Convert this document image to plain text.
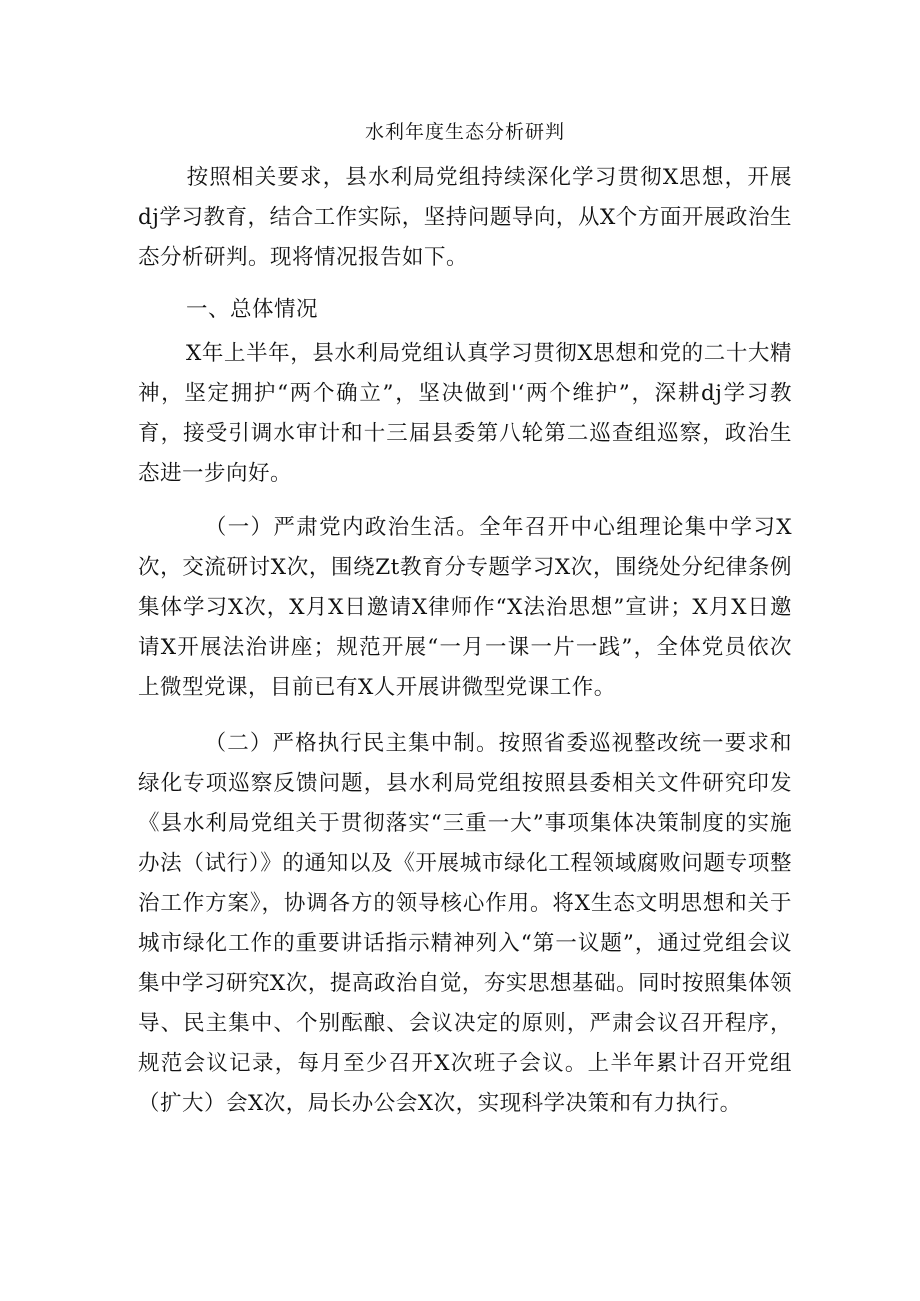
水利年度生态分析研判
按照相关要求，县水利局党组持续深化学习贯彻X思想，开展dj学习教育，结合工作实际，坚持问题导向，从X个方面开展政治生态分析研判。现将情况报告如下。
一、总体情况
X年上半年，县水利局党组认真学习贯彻X思想和党的二十大精神，坚定拥护“两个确立”，坚决做到'‘两个维护”，深耕dj学习教育，接受引调水审计和十三届县委第八轮第二巡查组巡察，政治生态进一步向好。
（一）严肃党内政治生活。全年召开中心组理论集中学习X次，交流研讨X次，围绕Zt教育分专题学习X次，围绕处分纪律条例集体学习X次，X月X日邀请X律师作“X法治思想”宣讲；X月X日邀请X开展法治讲座；规范开展“一月一课一片一践”，全体党员依次上微型党课，目前已有X人开展讲微型党课工作。
（二）严格执行民主集中制。按照省委巡视整改统一要求和绿化专项巡察反馈问题，县水利局党组按照县委相关文件研究印发《县水利局党组关于贯彻落实“三重一大”事项集体决策制度的实施办法（试行）》的通知以及《开展城市绿化工程领域腐败问题专项整治工作方案》，协调各方的领导核心作用。将X生态文明思想和关于城市绿化工作的重要讲话指示精神列入“第一议题”，通过党组会议集中学习研究X次，提高政治自觉，夯实思想基础。同时按照集体领导、民主集中、个别酝酿、会议决定的原则，严肃会议召开程序，规范会议记录，每月至少召开X次班子会议。上半年累计召开党组（扩大）会X次，局长办公会X次，实现科学决策和有力执行。
